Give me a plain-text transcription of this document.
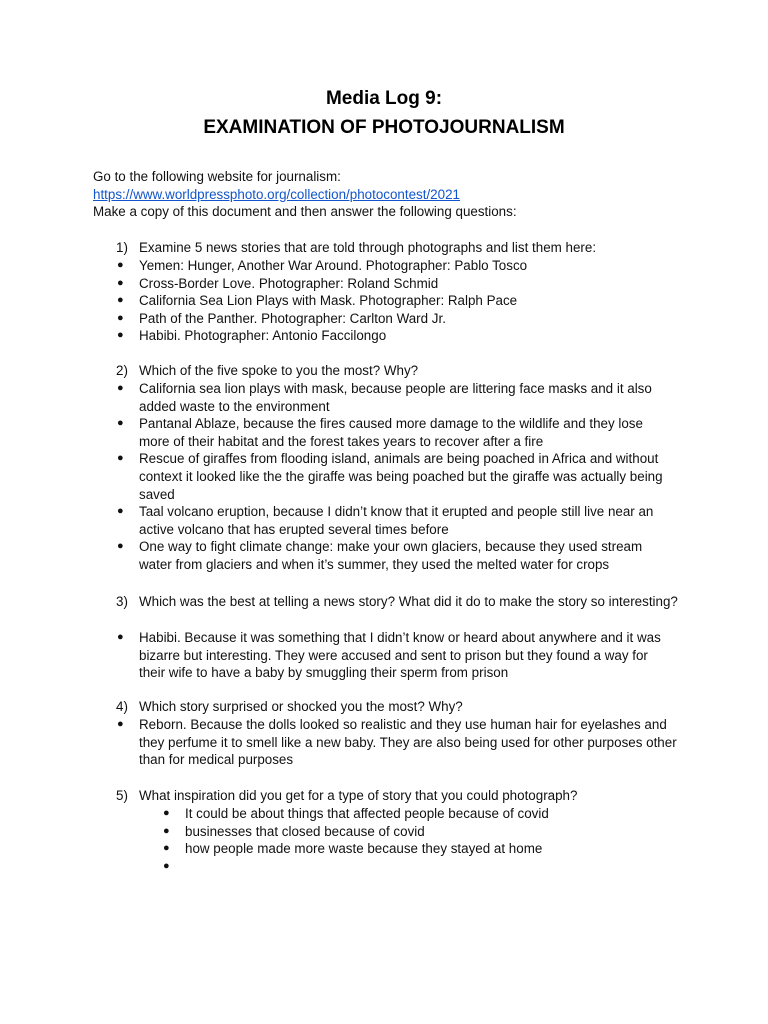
Media Log 9:
EXAMINATION OF PHOTOJOURNALISM
Go to the following website for journalism:
https://www.worldpressphoto.org/collection/photocontest/2021
Make a copy of this document and then answer the following questions:
1) Examine 5 news stories that are told through photographs and list them here:
● Yemen: Hunger, Another War Around. Photographer: Pablo Tosco
● Cross-Border Love. Photographer: Roland Schmid
● California Sea Lion Plays with Mask. Photographer: Ralph Pace
● Path of the Panther. Photographer: Carlton Ward Jr.
● Habibi. Photographer: Antonio Faccilongo
2) Which of the five spoke to you the most? Why?
● California sea lion plays with mask, because people are littering face masks and it also added waste to the environment
● Pantanal Ablaze, because the fires caused more damage to the wildlife and they lose more of their habitat and the forest takes years to recover after a fire
● Rescue of giraffes from flooding island, animals are being poached in Africa and without context it looked like the the giraffe was being poached but the giraffe was actually being saved
● Taal volcano eruption, because I didn’t know that it erupted and people still live near an active volcano that has erupted several times before
● One way to fight climate change: make your own glaciers, because they used stream water from glaciers and when it’s summer, they used the melted water for crops
3) Which was the best at telling a news story? What did it do to make the story so interesting?
● Habibi. Because it was something that I didn’t know or heard about anywhere and it was bizarre but interesting. They were accused and sent to prison but they found a way for their wife to have a baby by smuggling their sperm from prison
4) Which story surprised or shocked you the most? Why?
● Reborn. Because the dolls looked so realistic and they use human hair for eyelashes and they perfume it to smell like a new baby. They are also being used for other purposes other than for medical purposes
5) What inspiration did you get for a type of story that you could photograph?
● It could be about things that affected people because of covid
● businesses that closed because of covid
● how people made more waste because they stayed at home
●
